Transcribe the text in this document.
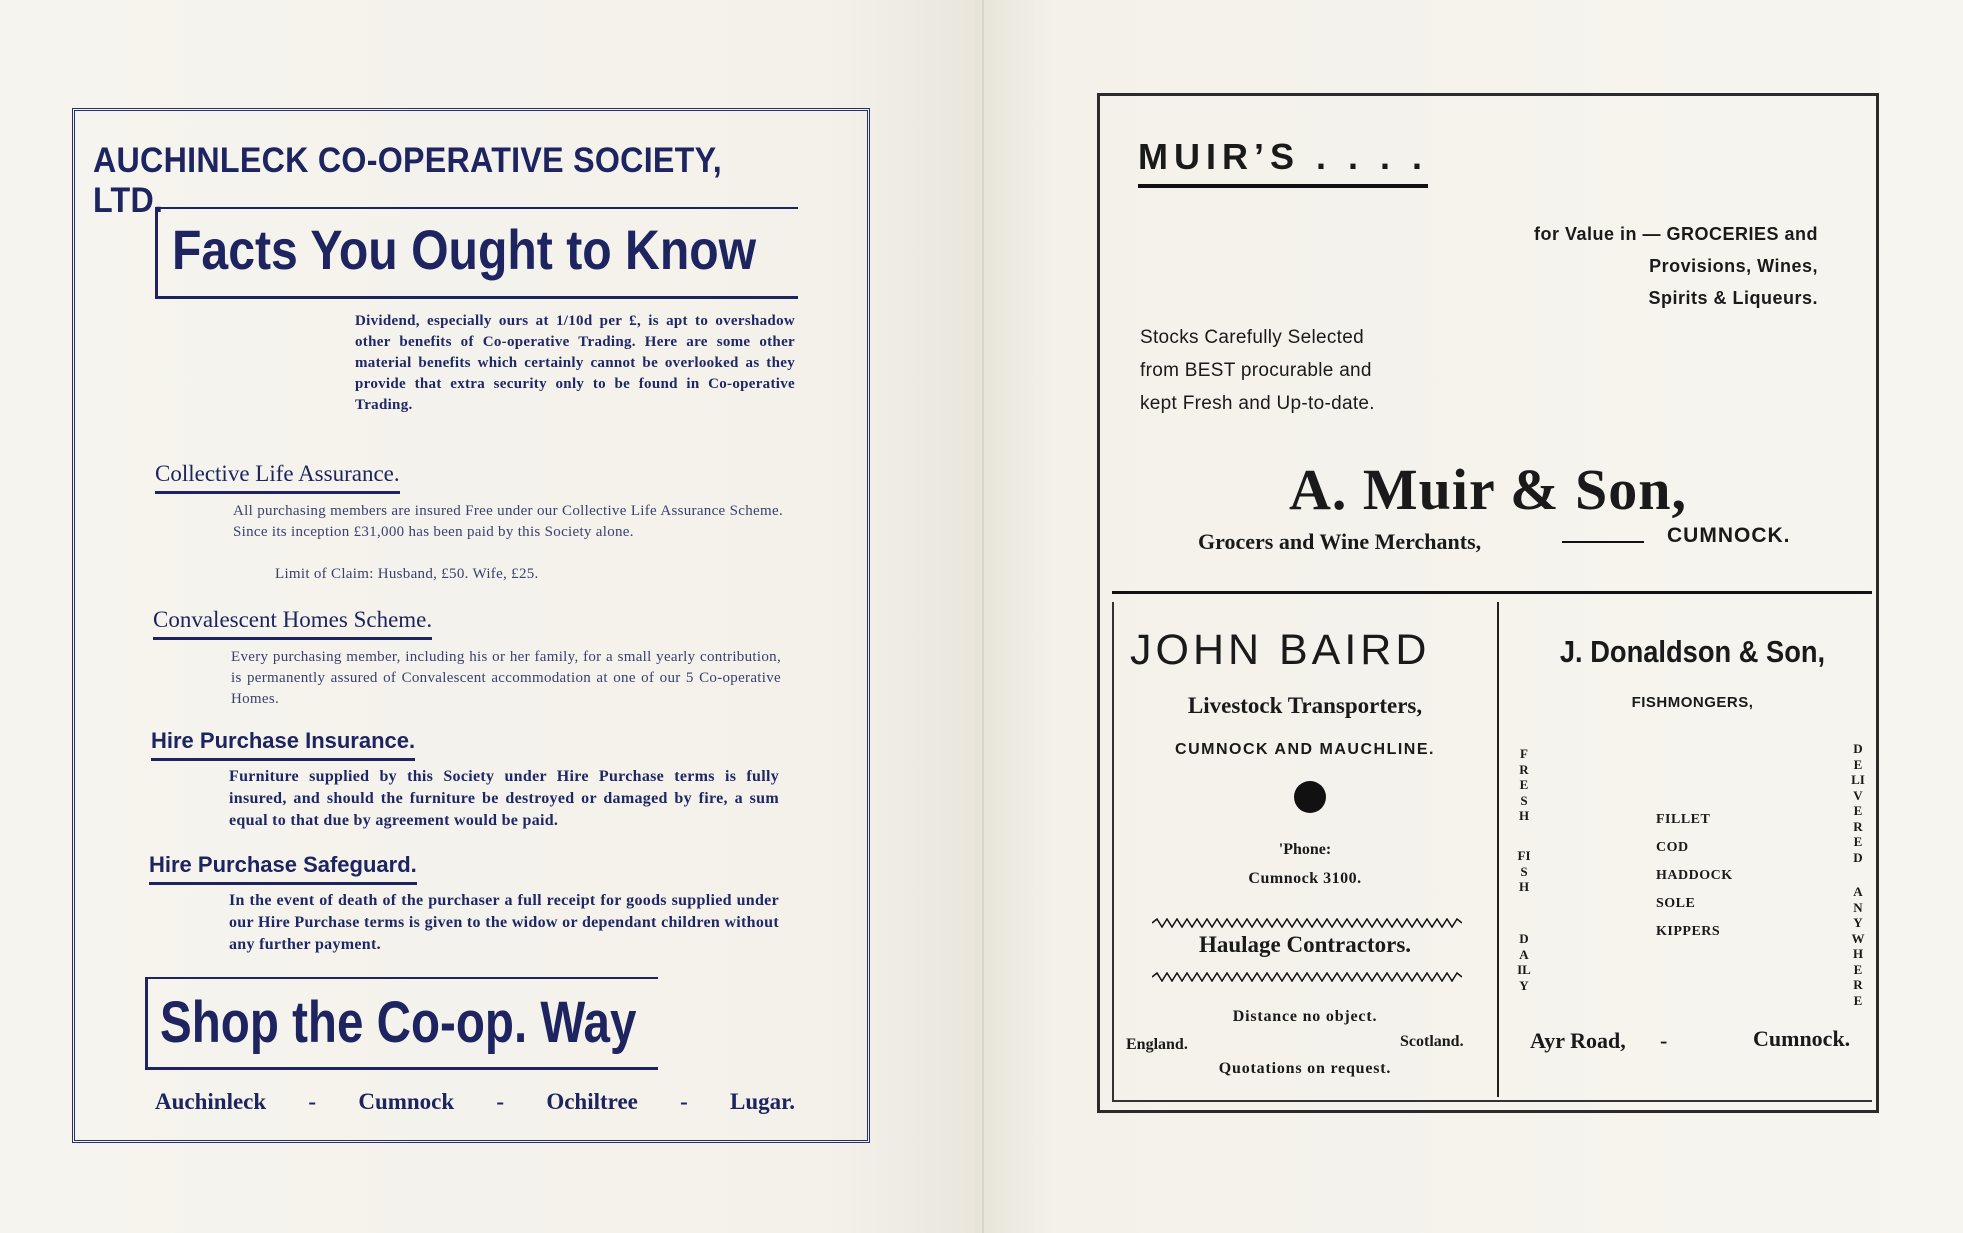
AUCHINLECK CO-OPERATIVE SOCIETY, LTD.
Facts You Ought to Know
Dividend, especially ours at 1/10d per £, is apt to overshadow other benefits of Co-operative Trading. Here are some other material benefits which certainly cannot be overlooked as they provide that extra security only to be found in Co-operative Trading.
Collective Life Assurance.
All purchasing members are insured Free under our Collective Life Assurance Scheme. Since its inception £31,000 has been paid by this Society alone.
Limit of Claim: Husband, £50. Wife, £25.
Convalescent Homes Scheme.
Every purchasing member, including his or her family, for a small yearly contribution, is permanently assured of Convalescent accommodation at one of our 5 Co-operative Homes.
Hire Purchase Insurance.
Furniture supplied by this Society under Hire Purchase terms is fully insured, and should the furniture be destroyed or damaged by fire, a sum equal to that due by agreement would be paid.
Hire Purchase Safeguard.
In the event of death of the purchaser a full receipt for goods supplied under our Hire Purchase terms is given to the widow or dependant children without any further payment.
Shop the Co-op. Way
Auchinleck - Cumnock - Ochiltree - Lugar.
MUIR’S . . . .
for Value in — GROCERIES and
Provisions, Wines,
Spirits & Liqueurs.
Stocks Carefully Selected
from BEST procurable and
kept Fresh and Up-to-date.
A. Muir & Son,
Grocers and Wine Merchants,	CUMNOCK.
JOHN BAIRD
Livestock Transporters,
CUMNOCK AND MAUCHLINE.
'Phone:
Cumnock 3100.
Haulage Contractors.
Distance no object.
England.	Scotland.
Quotations on request.
J. Donaldson & Son,
FISHMONGERS,
FRESH
FISH
DAILY
DELIVERED
ANYWHERE
FILLET
COD
HADDOCK
SOLE
KIPPERS
Ayr Road, -	Cumnock.
